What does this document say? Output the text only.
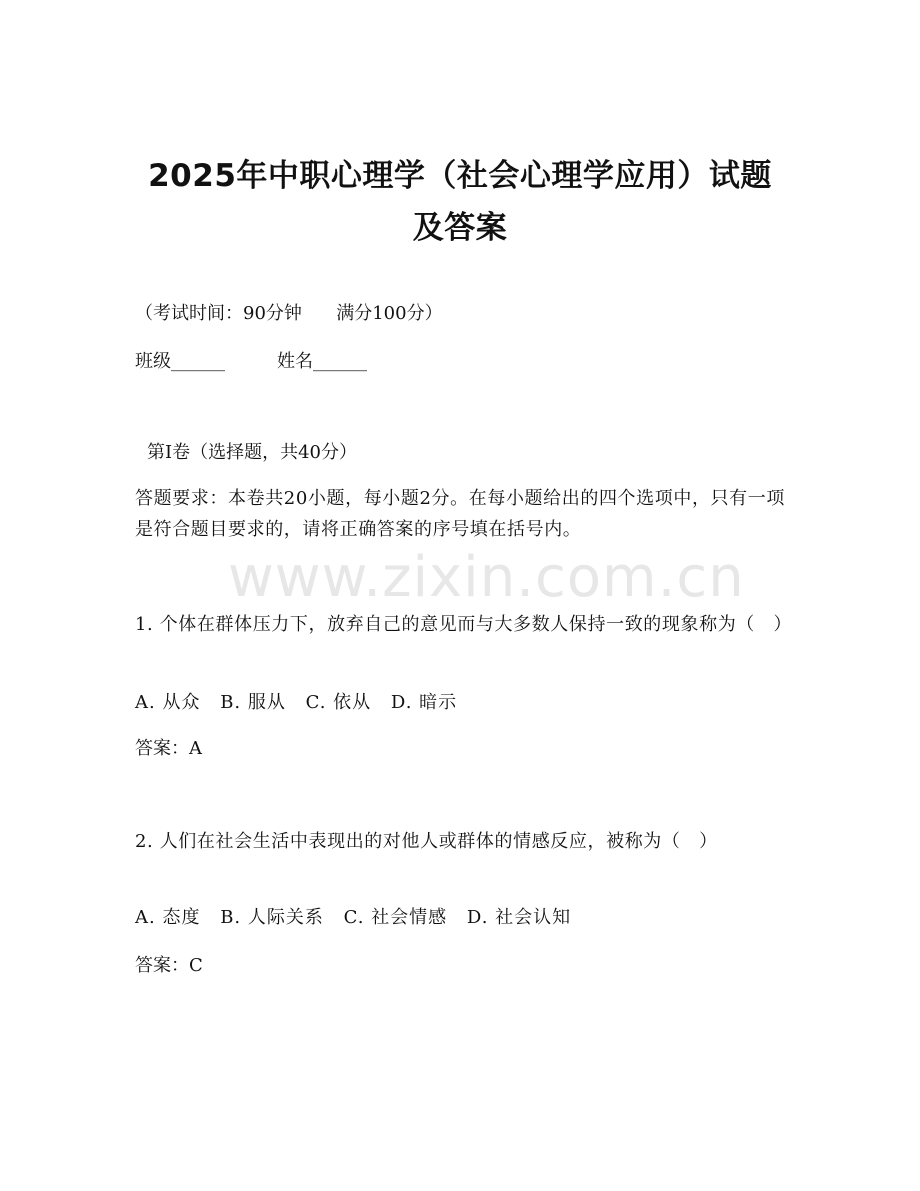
www.zixin.com.cn
2025年中职心理学（社会心理学应用）试题
及答案
（考试时间：90分钟      满分100分）
班级______	姓名______
第I卷（选择题，共40分）
答题要求：本卷共20小题，每小题2分。在每小题给出的四个选项中，只有一项是符合题目要求的，请将正确答案的序号填在括号内。
1. 个体在群体压力下，放弃自己的意见而与大多数人保持一致的现象称为（　）
A. 从众 B. 服从 C. 依从 D. 暗示
答案：A
2. 人们在社会生活中表现出的对他人或群体的情感反应，被称为（　）
A. 态度 B. 人际关系 C. 社会情感 D. 社会认知
答案：C
